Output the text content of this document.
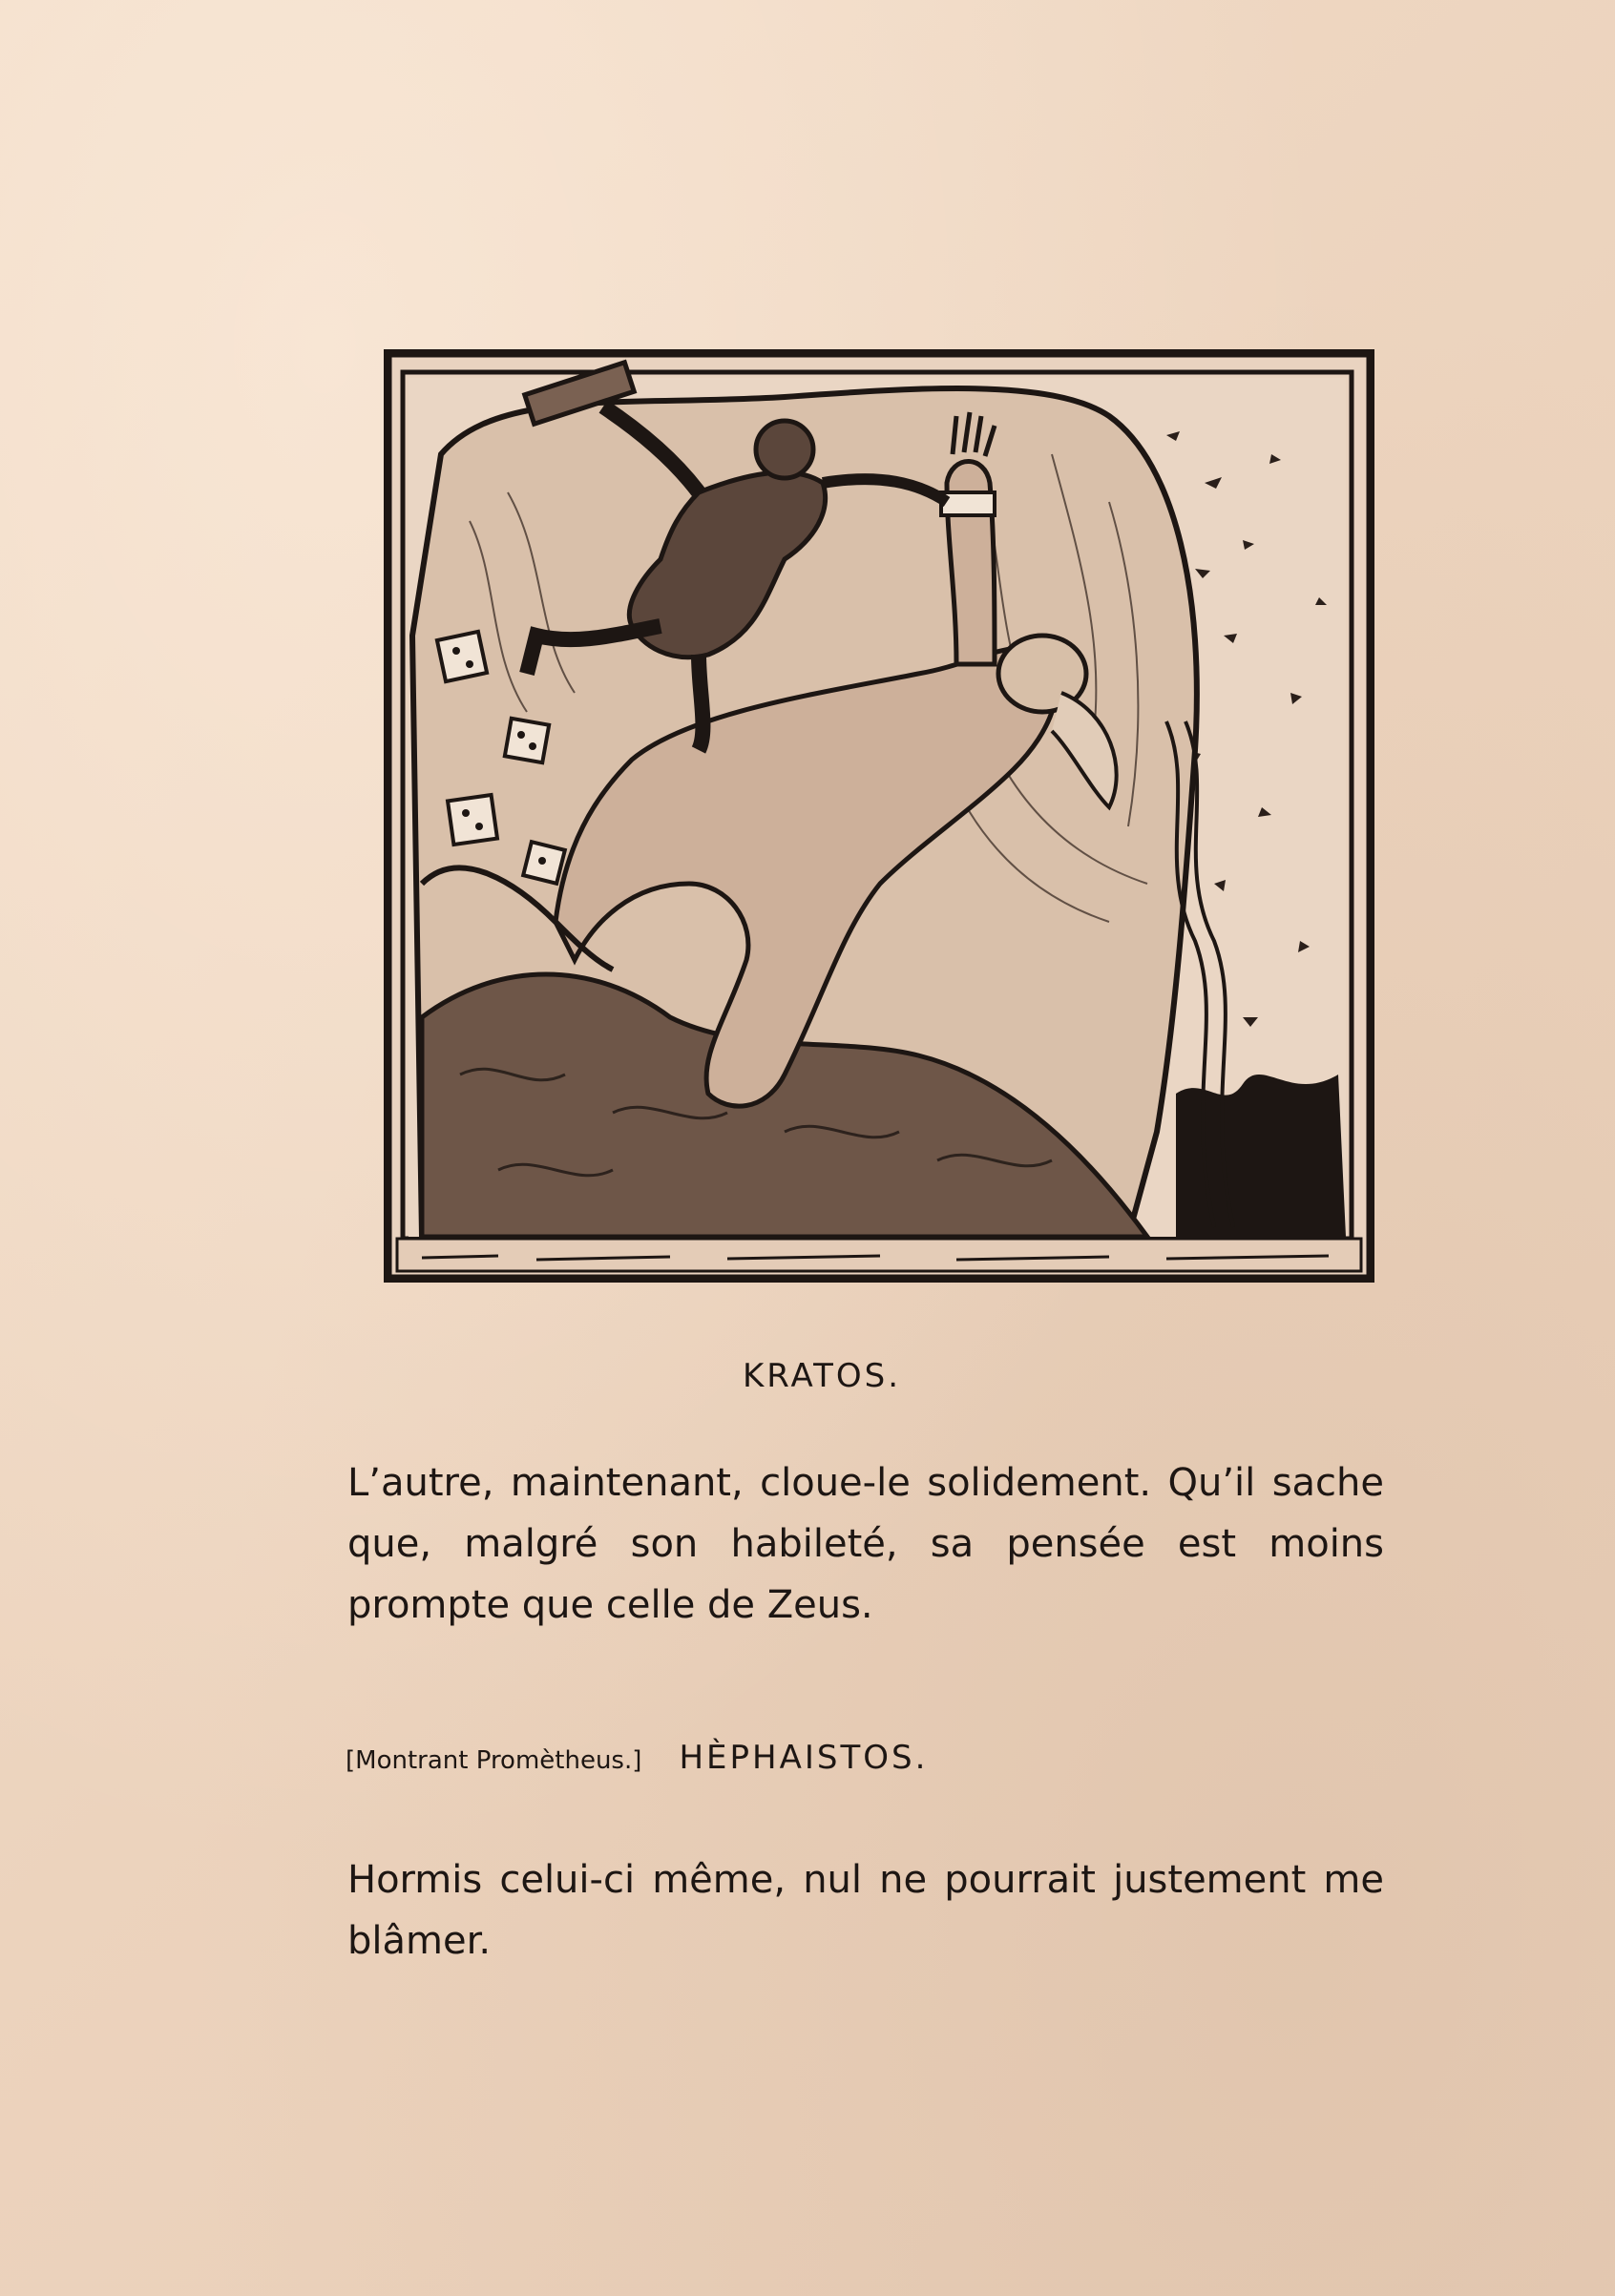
KRATOS.

L’autre, maintenant, cloue-le solidement. Qu’il sache que, malgré son habileté, sa pensée est moins prompte que celle de Zeus.

[Montrant Promètheus.] HÈPHAISTOS.

Hormis celui-ci même, nul ne pourrait justement me blâmer.
